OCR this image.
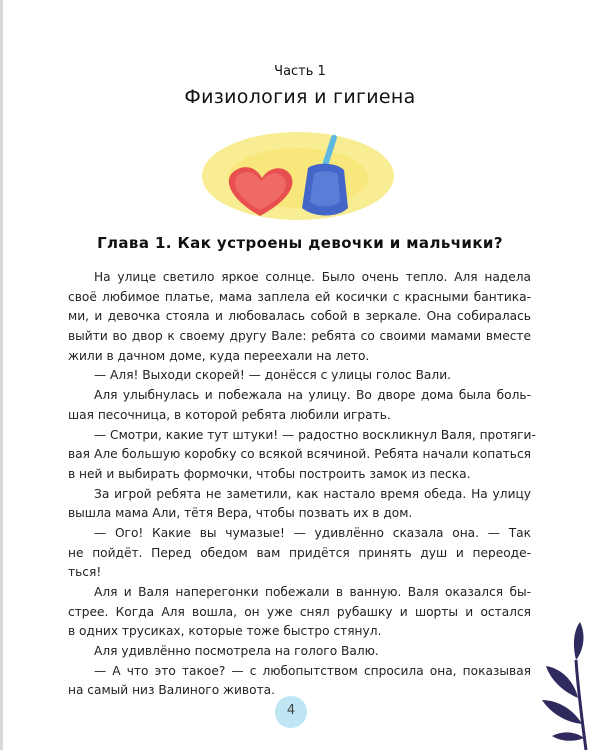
Часть 1
Физиология и гигиена
Глава 1. Как устроены девочки и мальчики?
На улице светило яркое солнце. Было очень тепло. Аля надела
своё любимое платье, мама заплела ей косички с красными бантика-
ми, и девочка стояла и любовалась собой в зеркале. Она собиралась
выйти во двор к своему другу Вале: ребята со своими мамами вместе
жили в дачном доме, куда переехали на лето.
— Аля! Выходи скорей! — донёсся с улицы голос Вали.
Аля улыбнулась и побежала на улицу. Во дворе дома была боль-
шая песочница, в которой ребята любили играть.
— Смотри, какие тут штуки! — радостно воскликнул Валя, протяги-
вая Але большую коробку со всякой всячиной. Ребята начали копаться
в ней и выбирать формочки, чтобы построить замок из песка.
За игрой ребята не заметили, как настало время обеда. На улицу
вышла мама Али, тётя Вера, чтобы позвать их в дом.
— Ого! Какие вы чумазые! — удивлённо сказала она. — Так
не пойдёт. Перед обедом вам придётся принять душ и переоде-
ться!
Аля и Валя наперегонки побежали в ванную. Валя оказался бы-
стрее. Когда Аля вошла, он уже снял рубашку и шорты и остался
в одних трусиках, которые тоже быстро стянул.
Аля удивлённо посмотрела на голого Валю.
— А что это такое? — с любопытством спросила она, показывая
на самый низ Валиного живота.
4
